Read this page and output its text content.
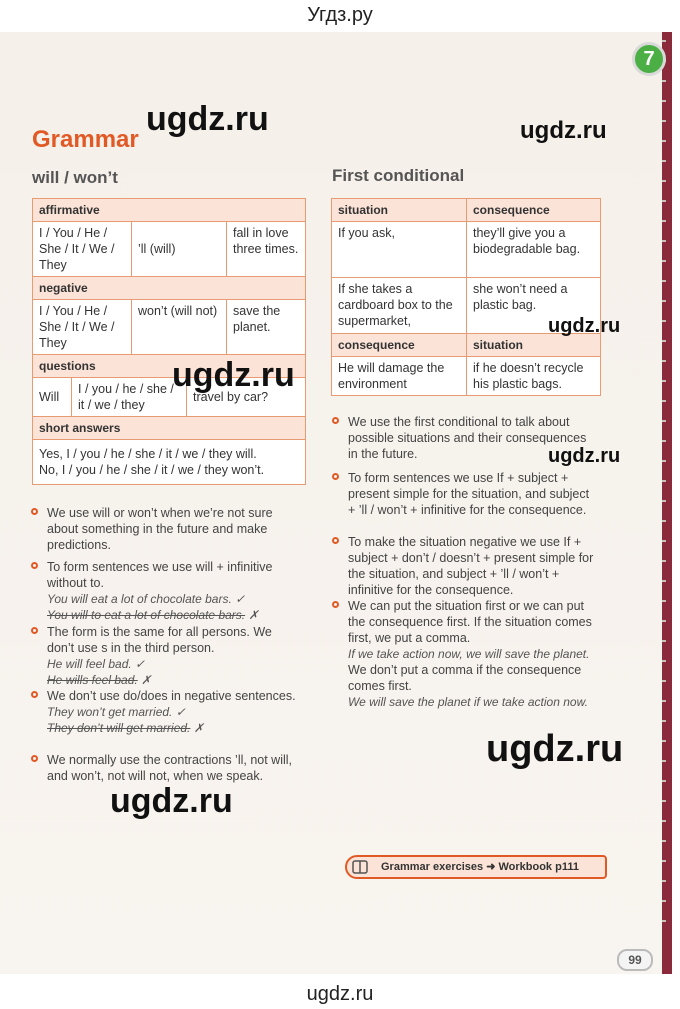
Угдз.ру
7
Grammar
will / won’t	First conditional
affirmative
I / You / He / She / It / We / They	’ll (will)	fall in love three times.
negative
I / You / He / She / It / We / They	won’t (will not)	save the planet.
questions

Will	I / you / he / she / it / we / they	travel by car?

short answers

Yes, I / you / he / she / it / we / they will.
No, I / you / he / she / it / we / they won’t.
We use will or won’t when we’re not sure about something in the future and make predictions.
To form sentences we use will + infinitive without to.
You will eat a lot of chocolate bars. ✓
You will to eat a lot of chocolate bars. ✗
The form is the same for all persons. We don’t use s in the third person.
He will feel bad. ✓
He wills feel bad. ✗
We don’t use do/does in negative sentences.
They won’t get married. ✓
They don’t will get married. ✗
We normally use the contractions ’ll, not will, and won’t, not will not, when we speak.
situation	consequence
If you ask,	they’ll give you a biodegradable bag.
If she takes a cardboard box to the supermarket,	she won’t need a plastic bag.
consequence	situation
He will damage the environment	if he doesn’t recycle his plastic bags.
We use the first conditional to talk about possible situations and their consequences in the future.
To form sentences we use If + subject + present simple for the situation, and subject + ’ll / won’t + infinitive for the consequence.
To make the situation negative we use If + subject + don’t / doesn’t + present simple for the situation, and subject + ’ll / won’t + infinitive for the consequence.
We can put the situation first or we can put the consequence first. If the situation comes first, we put a comma.
If we take action now, we will save the planet.
We don’t put a comma if the consequence comes first.
We will save the planet if we take action now.
Grammar exercises ➜ Workbook p111
99
ugdz.ru	ugdz.ru
ugdz.ru
ugdz.ru
ugdz.ru
ugdz.ru
ugdz.ru
ugdz.ru
